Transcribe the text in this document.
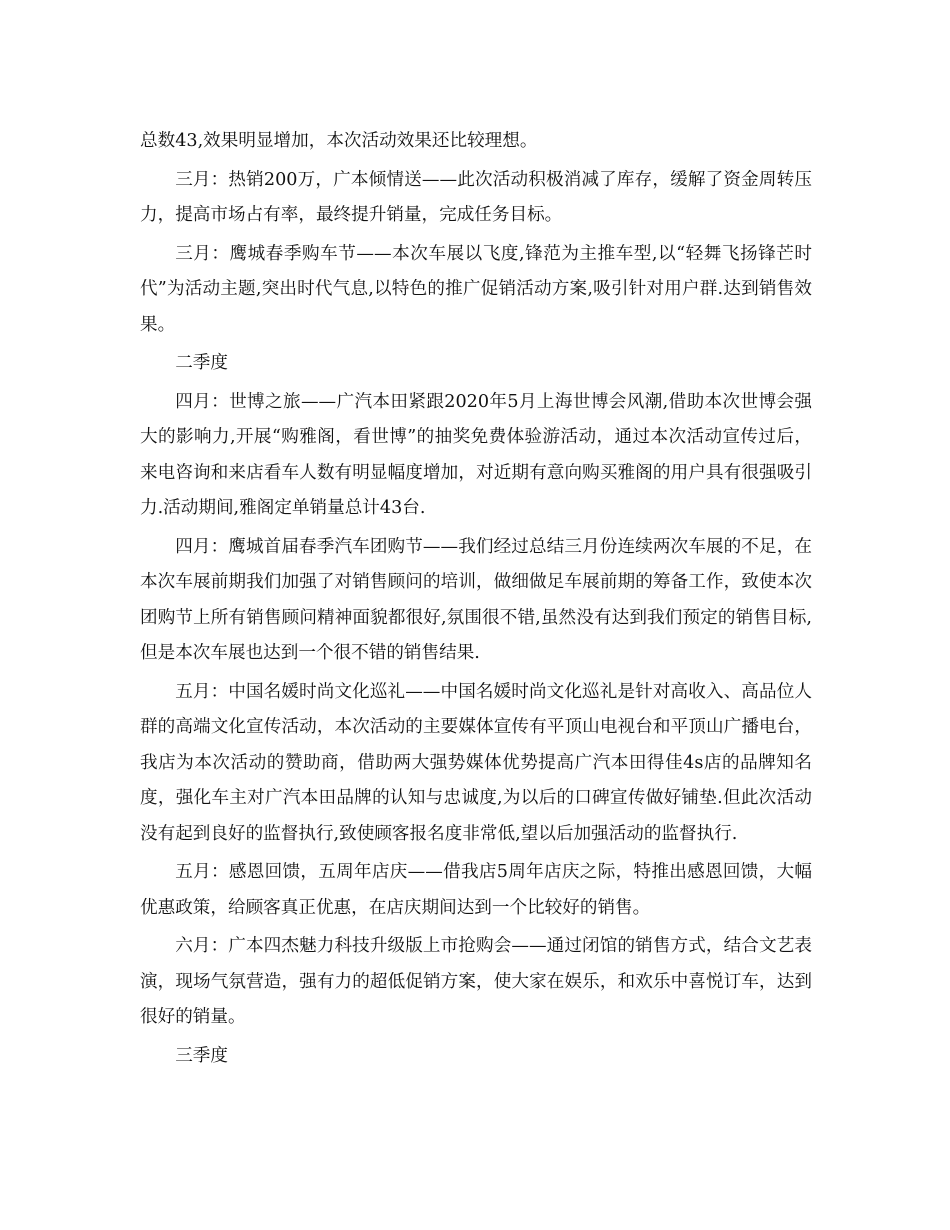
总数43,效果明显增加，本次活动效果还比较理想。

三月：热销200万，广本倾情送——此次活动积极消减了库存，缓解了资金周转压力，提高市场占有率，最终提升销量，完成任务目标。

三月：鹰城春季购车节——本次车展以飞度,锋范为主推车型,以“轻舞飞扬锋芒时代”为活动主题,突出时代气息,以特色的推广促销活动方案,吸引针对用户群.达到销售效果。

二季度

四月：世博之旅——广汽本田紧跟2020年5月上海世博会风潮,借助本次世博会强大的影响力,开展“购雅阁，看世博”的抽奖免费体验游活动，通过本次活动宣传过后，来电咨询和来店看车人数有明显幅度增加，对近期有意向购买雅阁的用户具有很强吸引力.活动期间,雅阁定单销量总计43台.

四月：鹰城首届春季汽车团购节——我们经过总结三月份连续两次车展的不足，在本次车展前期我们加强了对销售顾问的培训，做细做足车展前期的筹备工作，致使本次团购节上所有销售顾问精神面貌都很好,氛围很不错,虽然没有达到我们预定的销售目标,但是本次车展也达到一个很不错的销售结果.

五月：中国名媛时尚文化巡礼——中国名媛时尚文化巡礼是针对高收入、高品位人群的高端文化宣传活动，本次活动的主要媒体宣传有平顶山电视台和平顶山广播电台，我店为本次活动的赞助商，借助两大强势媒体优势提高广汽本田得佳4s店的品牌知名度，强化车主对广汽本田品牌的认知与忠诚度,为以后的口碑宣传做好铺垫.但此次活动没有起到良好的监督执行,致使顾客报名度非常低,望以后加强活动的监督执行.

五月：感恩回馈，五周年店庆——借我店5周年店庆之际，特推出感恩回馈，大幅优惠政策，给顾客真正优惠，在店庆期间达到一个比较好的销售。

六月：广本四杰魅力科技升级版上市抢购会——通过闭馆的销售方式，结合文艺表演，现场气氛营造，强有力的超低促销方案，使大家在娱乐，和欢乐中喜悦订车，达到很好的销量。

三季度
